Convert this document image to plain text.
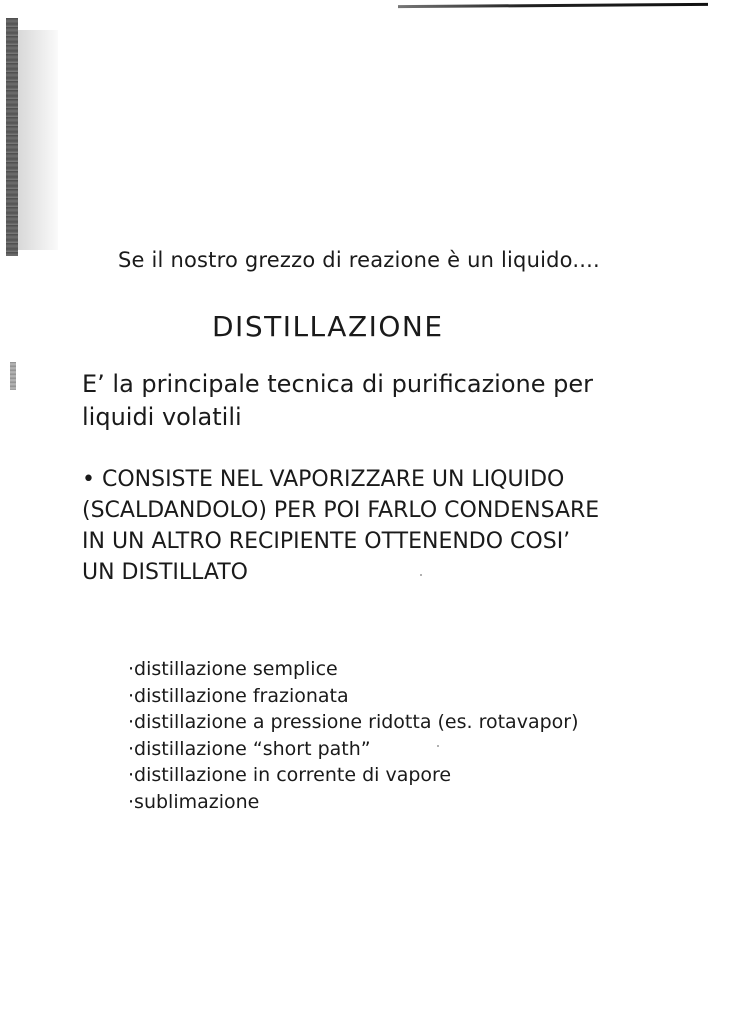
Se il nostro grezzo di reazione è un liquido....
DISTILLAZIONE
E’ la principale tecnica di purificazione per
liquidi volatili
• CONSISTE NEL VAPORIZZARE UN LIQUIDO
(SCALDANDOLO) PER POI FARLO CONDENSARE
IN UN ALTRO RECIPIENTE OTTENENDO COSI’
UN DISTILLATO
·distillazione semplice
·distillazione frazionata
·distillazione a pressione ridotta (es. rotavapor)
·distillazione “short path”
·distillazione in corrente di vapore
·sublimazione
